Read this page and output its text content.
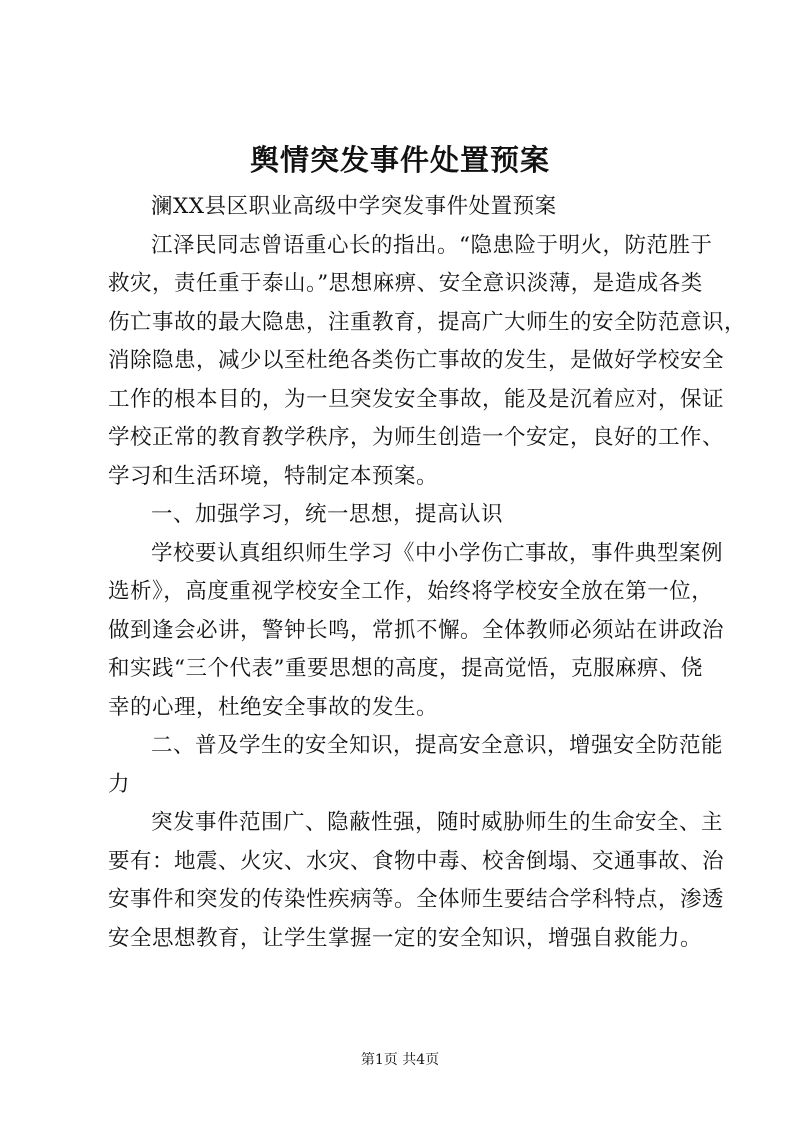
舆情突发事件处置预案
澜XX县区职业高级中学突发事件处置预案
江泽民同志曾语重心长的指出。“隐患险于明火，防范胜于
救灾，责任重于泰山。”思想麻痹、安全意识淡薄，是造成各类
伤亡事故的最大隐患，注重教育，提高广大师生的安全防范意识，
消除隐患，减少以至杜绝各类伤亡事故的发生，是做好学校安全
工作的根本目的，为一旦突发安全事故，能及是沉着应对，保证
学校正常的教育教学秩序，为师生创造一个安定，良好的工作、
学习和生活环境，特制定本预案。
一、加强学习，统一思想，提高认识
学校要认真组织师生学习《中小学伤亡事故，事件典型案例
选析》，高度重视学校安全工作，始终将学校安全放在第一位，
做到逢会必讲，警钟长鸣，常抓不懈。全体教师必须站在讲政治
和实践“三个代表”重要思想的高度，提高觉悟，克服麻痹、侥
幸的心理，杜绝安全事故的发生。
二、普及学生的安全知识，提高安全意识，增强安全防范能
力
突发事件范围广、隐蔽性强，随时威胁师生的生命安全、主
要有：地震、火灾、水灾、食物中毒、校舍倒塌、交通事故、治
安事件和突发的传染性疾病等。全体师生要结合学科特点，渗透
安全思想教育，让学生掌握一定的安全知识，增强自救能力。
第1页 共4页
